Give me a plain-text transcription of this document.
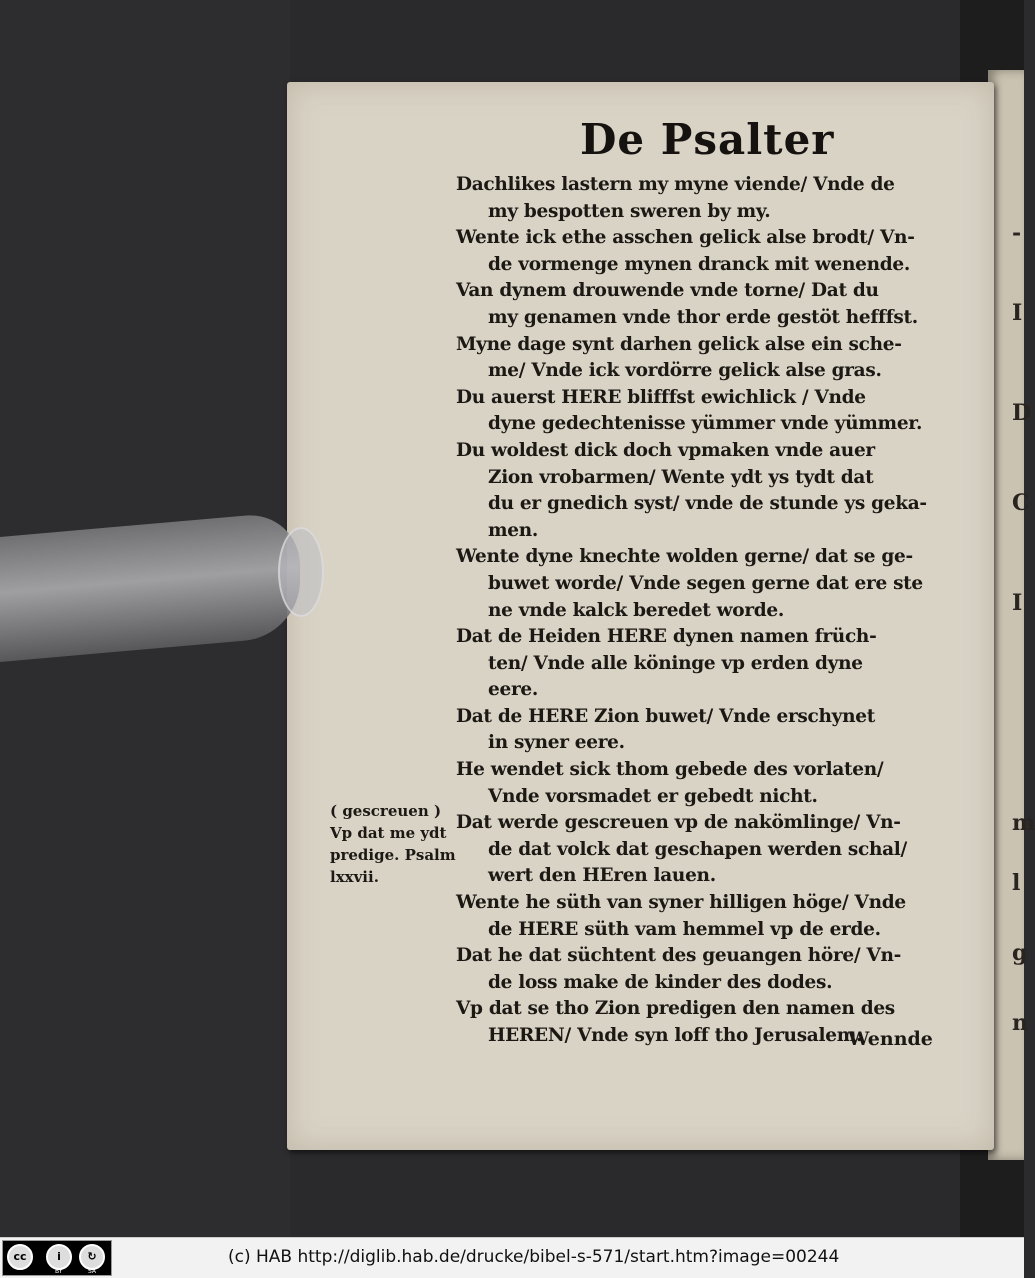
-
I
D
C
I
m
l
g
n
De Psalter
Dachlikes lastern my myne viende/ Vnde de
my bespotten sweren by my.
Wente ick ethe asschen gelick alse brodt/ Vn-
de vormenge mynen dranck mit wenende.
Van dynem drouwende vnde torne/ Dat du
my genamen vnde thor erde gestöt hefffst.
Myne dage synt darhen gelick alse ein sche-
me/ Vnde ick vordörre gelick alse gras.
Du auerst HERE blifffst ewichlick / Vnde
dyne gedechtenisse yümmer vnde yümmer.
Du woldest dick doch vpmaken vnde auer
Zion vrobarmen/ Wente ydt ys tydt dat
du er gnedich syst/ vnde de stunde ys geka-
men.
Wente dyne knechte wolden gerne/ dat se ge-
buwet worde/ Vnde segen gerne dat ere ste
ne vnde kalck beredet worde.
Dat de Heiden HERE dynen namen früch-
ten/ Vnde alle köninge vp erden dyne
eere.
Dat de HERE Zion buwet/ Vnde erschynet
in syner eere.
He wendet sick thom gebede des vorlaten/
Vnde vorsmadet er gebedt nicht.
Dat werde gescreuen vp de nakömlinge/ Vn-
de dat volck dat geschapen werden schal/
wert den HEren lauen.
Wente he süth van syner hilligen höge/ Vnde
de HERE süth vam hemmel vp de erde.
Dat he dat süchtent des geuangen höre/ Vn-
de loss make de kinder des dodes.
Vp dat se tho Zion predigen den namen des
HEREN/ Vnde syn loff tho Jerusalem.
( gescreuen )
Vp dat me ydt
predige. Psalm
lxxvii.
Wennde
cc	i	↻
BY	SA
(c) HAB http://diglib.hab.de/drucke/bibel-s-571/start.htm?image=00244
